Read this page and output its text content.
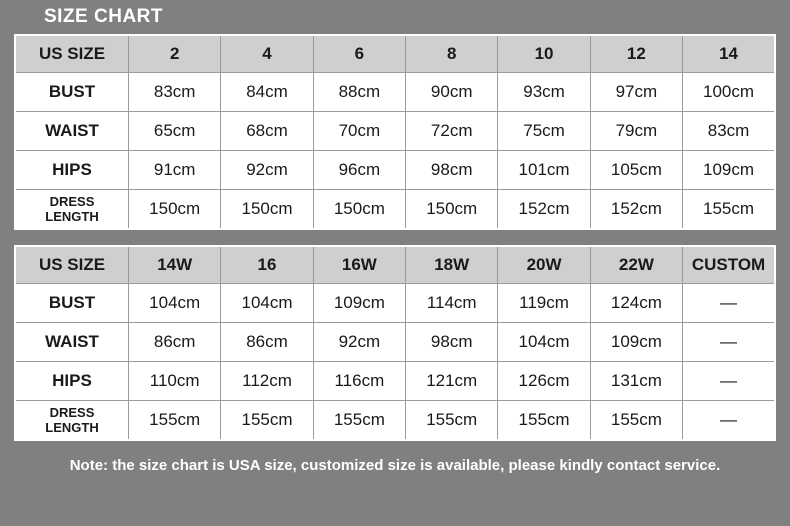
SIZE CHART
US SIZE	2	4	6	8	10	12	14
BUST	83cm	84cm	88cm	90cm	93cm	97cm	100cm
WAIST	65cm	68cm	70cm	72cm	75cm	79cm	83cm
HIPS	91cm	92cm	96cm	98cm	101cm	105cm	109cm

DRESS
LENGTH	150cm	150cm	150cm	150cm	152cm	152cm	155cm
US SIZE	14W	16	16W	18W	20W	22W	CUSTOM
BUST	104cm	104cm	109cm	114cm	119cm	124cm	—
WAIST	86cm	86cm	92cm	98cm	104cm	109cm	—
HIPS	110cm	112cm	116cm	121cm	126cm	131cm	—

DRESS
LENGTH	155cm	155cm	155cm	155cm	155cm	155cm	—
Note: the size chart is USA size, customized size is available, please kindly contact service.
